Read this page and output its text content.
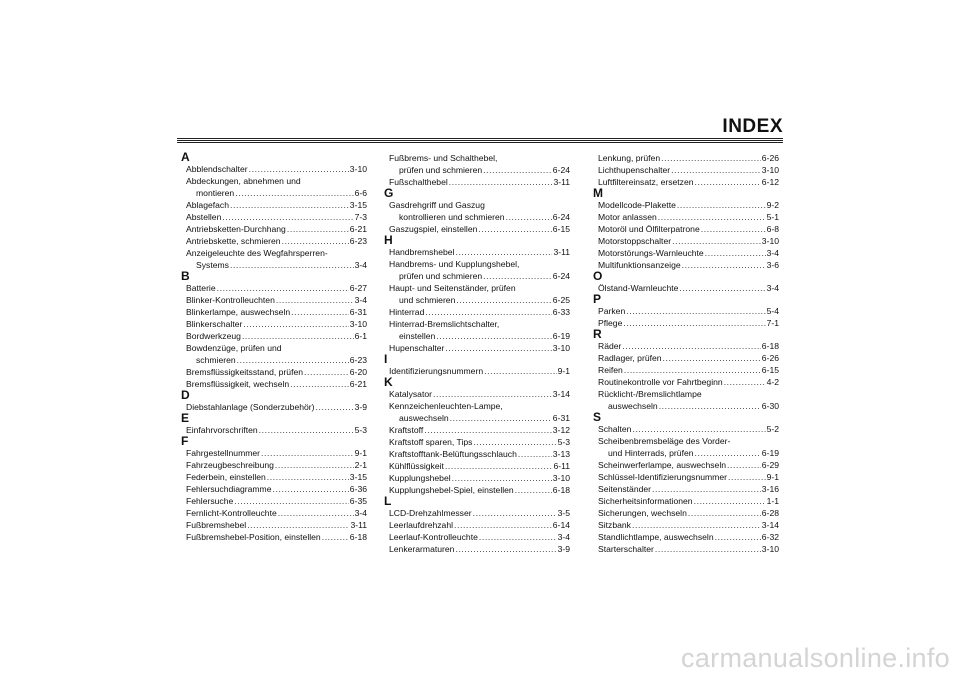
INDEX
A
Abblendschalter .....	3-10
Abdeckungen, abnehmen und
montieren .....	6-6
Ablagefach .....	3-15
Abstellen .....	7-3
Antriebsketten-Durchhang .....	6-21
Antriebskette, schmieren .....	6-23
Anzeigeleuchte des Wegfahrsperren-
Systems .....	3-4
B
Batterie .....	6-27
Blinker-Kontrolleuchten .....	3-4
Blinkerlampe, auswechseln .....	6-31
Blinkerschalter .....	3-10
Bordwerkzeug .....	6-1
Bowdenzüge, prüfen und
schmieren .....	6-23
Bremsflüssigkeitsstand, prüfen .....	6-20
Bremsflüssigkeit, wechseln .....	6-21
D
Diebstahlanlage (Sonderzubehör) .....	3-9
E
Einfahrvorschriften .....	5-3
F
Fahrgestellnummer .....	9-1
Fahrzeugbeschreibung .....	2-1
Federbein, einstellen .....	3-15
Fehlersuchdiagramme .....	6-36
Fehlersuche .....	6-35
Fernlicht-Kontrolleuchte .....	3-4
Fußbremshebel .....	3-11
Fußbremshebel-Position, einstellen .....	6-18
Fußbrems- und Schalthebel,
prüfen und schmieren .....	6-24
Fußschalthebel .....	3-11
G
Gasdrehgriff und Gaszug
kontrollieren und schmieren .....	6-24
Gaszugspiel, einstellen .....	6-15
H
Handbremshebel .....	3-11
Handbrems- und Kupplungshebel,
prüfen und schmieren .....	6-24
Haupt- und Seitenständer, prüfen
und schmieren .....	6-25
Hinterrad .....	6-33
Hinterrad-Bremslichtschalter,
einstellen .....	6-19
Hupenschalter .....	3-10
I
Identifizierungsnummern .....	9-1
K
Katalysator .....	3-14
Kennzeichenleuchten-Lampe,
auswechseln .....	6-31
Kraftstoff .....	3-12
Kraftstoff sparen, Tips .....	5-3
Kraftstofftank-Belüftungsschlauch .....	3-13
Kühlflüssigkeit .....	6-11
Kupplungshebel .....	3-10
Kupplungshebel-Spiel, einstellen .....	6-18
L
LCD-Drehzahlmesser .....	3-5
Leerlaufdrehzahl .....	6-14
Leerlauf-Kontrolleuchte .....	3-4
Lenkerarmaturen .....	3-9
Lenkung, prüfen .....	6-26
Lichthupenschalter .....	3-10
Luftfiltereinsatz, ersetzen .....	6-12
M
Modellcode-Plakette .....	9-2
Motor anlassen .....	5-1
Motoröl und Ölfilterpatrone .....	6-8
Motorstoppschalter .....	3-10
Motorstörungs-Warnleuchte .....	3-4
Multifunktionsanzeige .....	3-6
O
Ölstand-Warnleuchte .....	3-4
P
Parken .....	5-4
Pflege .....	7-1
R
Räder .....	6-18
Radlager, prüfen .....	6-26
Reifen .....	6-15
Routinekontrolle vor Fahrtbeginn .....	4-2
Rücklicht-/Bremslichtlampe
auswechseln .....	6-30
S
Schalten .....	5-2
Scheibenbremsbeläge des Vorder-
und Hinterrads, prüfen .....	6-19
Scheinwerferlampe, auswechseln .....	6-29
Schlüssel-Identifizierungsnummer .....	9-1
Seitenständer .....	3-16
Sicherheitsinformationen .....	1-1
Sicherungen, wechseln .....	6-28
Sitzbank .....	3-14
Standlichtlampe, auswechseln .....	6-32
Starterschalter .....	3-10
carmanualsonline.info
